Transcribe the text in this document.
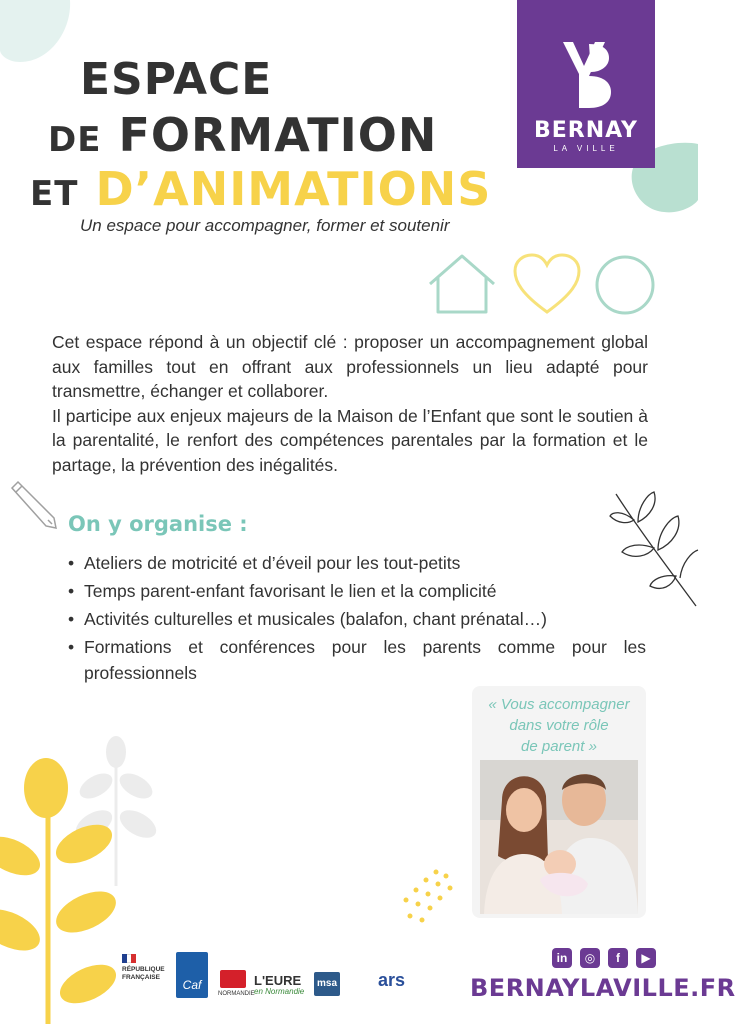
ESPACE
DE FORMATION
ET D’ANIMATIONS
Un espace pour accompagner, former et soutenir
BERNAY
LA VILLE

Cet espace répond à un objectif clé : proposer un accompagnement global aux familles tout en offrant aux professionnels un lieu adapté pour transmettre, échanger et collaborer.

Il participe aux enjeux majeurs de la Maison de l’Enfant que sont le soutien à la parentalité, le renfort des compétences parentales par la formation et le partage, la prévention des inégalités.

On y organise :
• Ateliers de motricité et d’éveil pour les tout-petits
• Temps parent-enfant favorisant le lien et la complicité
• Activités culturelles et musicales (balafon, chant prénatal…)
• Formations et conférences pour les parents comme pour les professionnels
« Vous accompagner
dans votre rôle
de parent »
RÉPUBLIQUE FRANÇAISE
Caf
NORMANDIE
L'EURE
en Normandie
msa ars
in	◎	f	▶
BERNAYLAVILLE.FR
